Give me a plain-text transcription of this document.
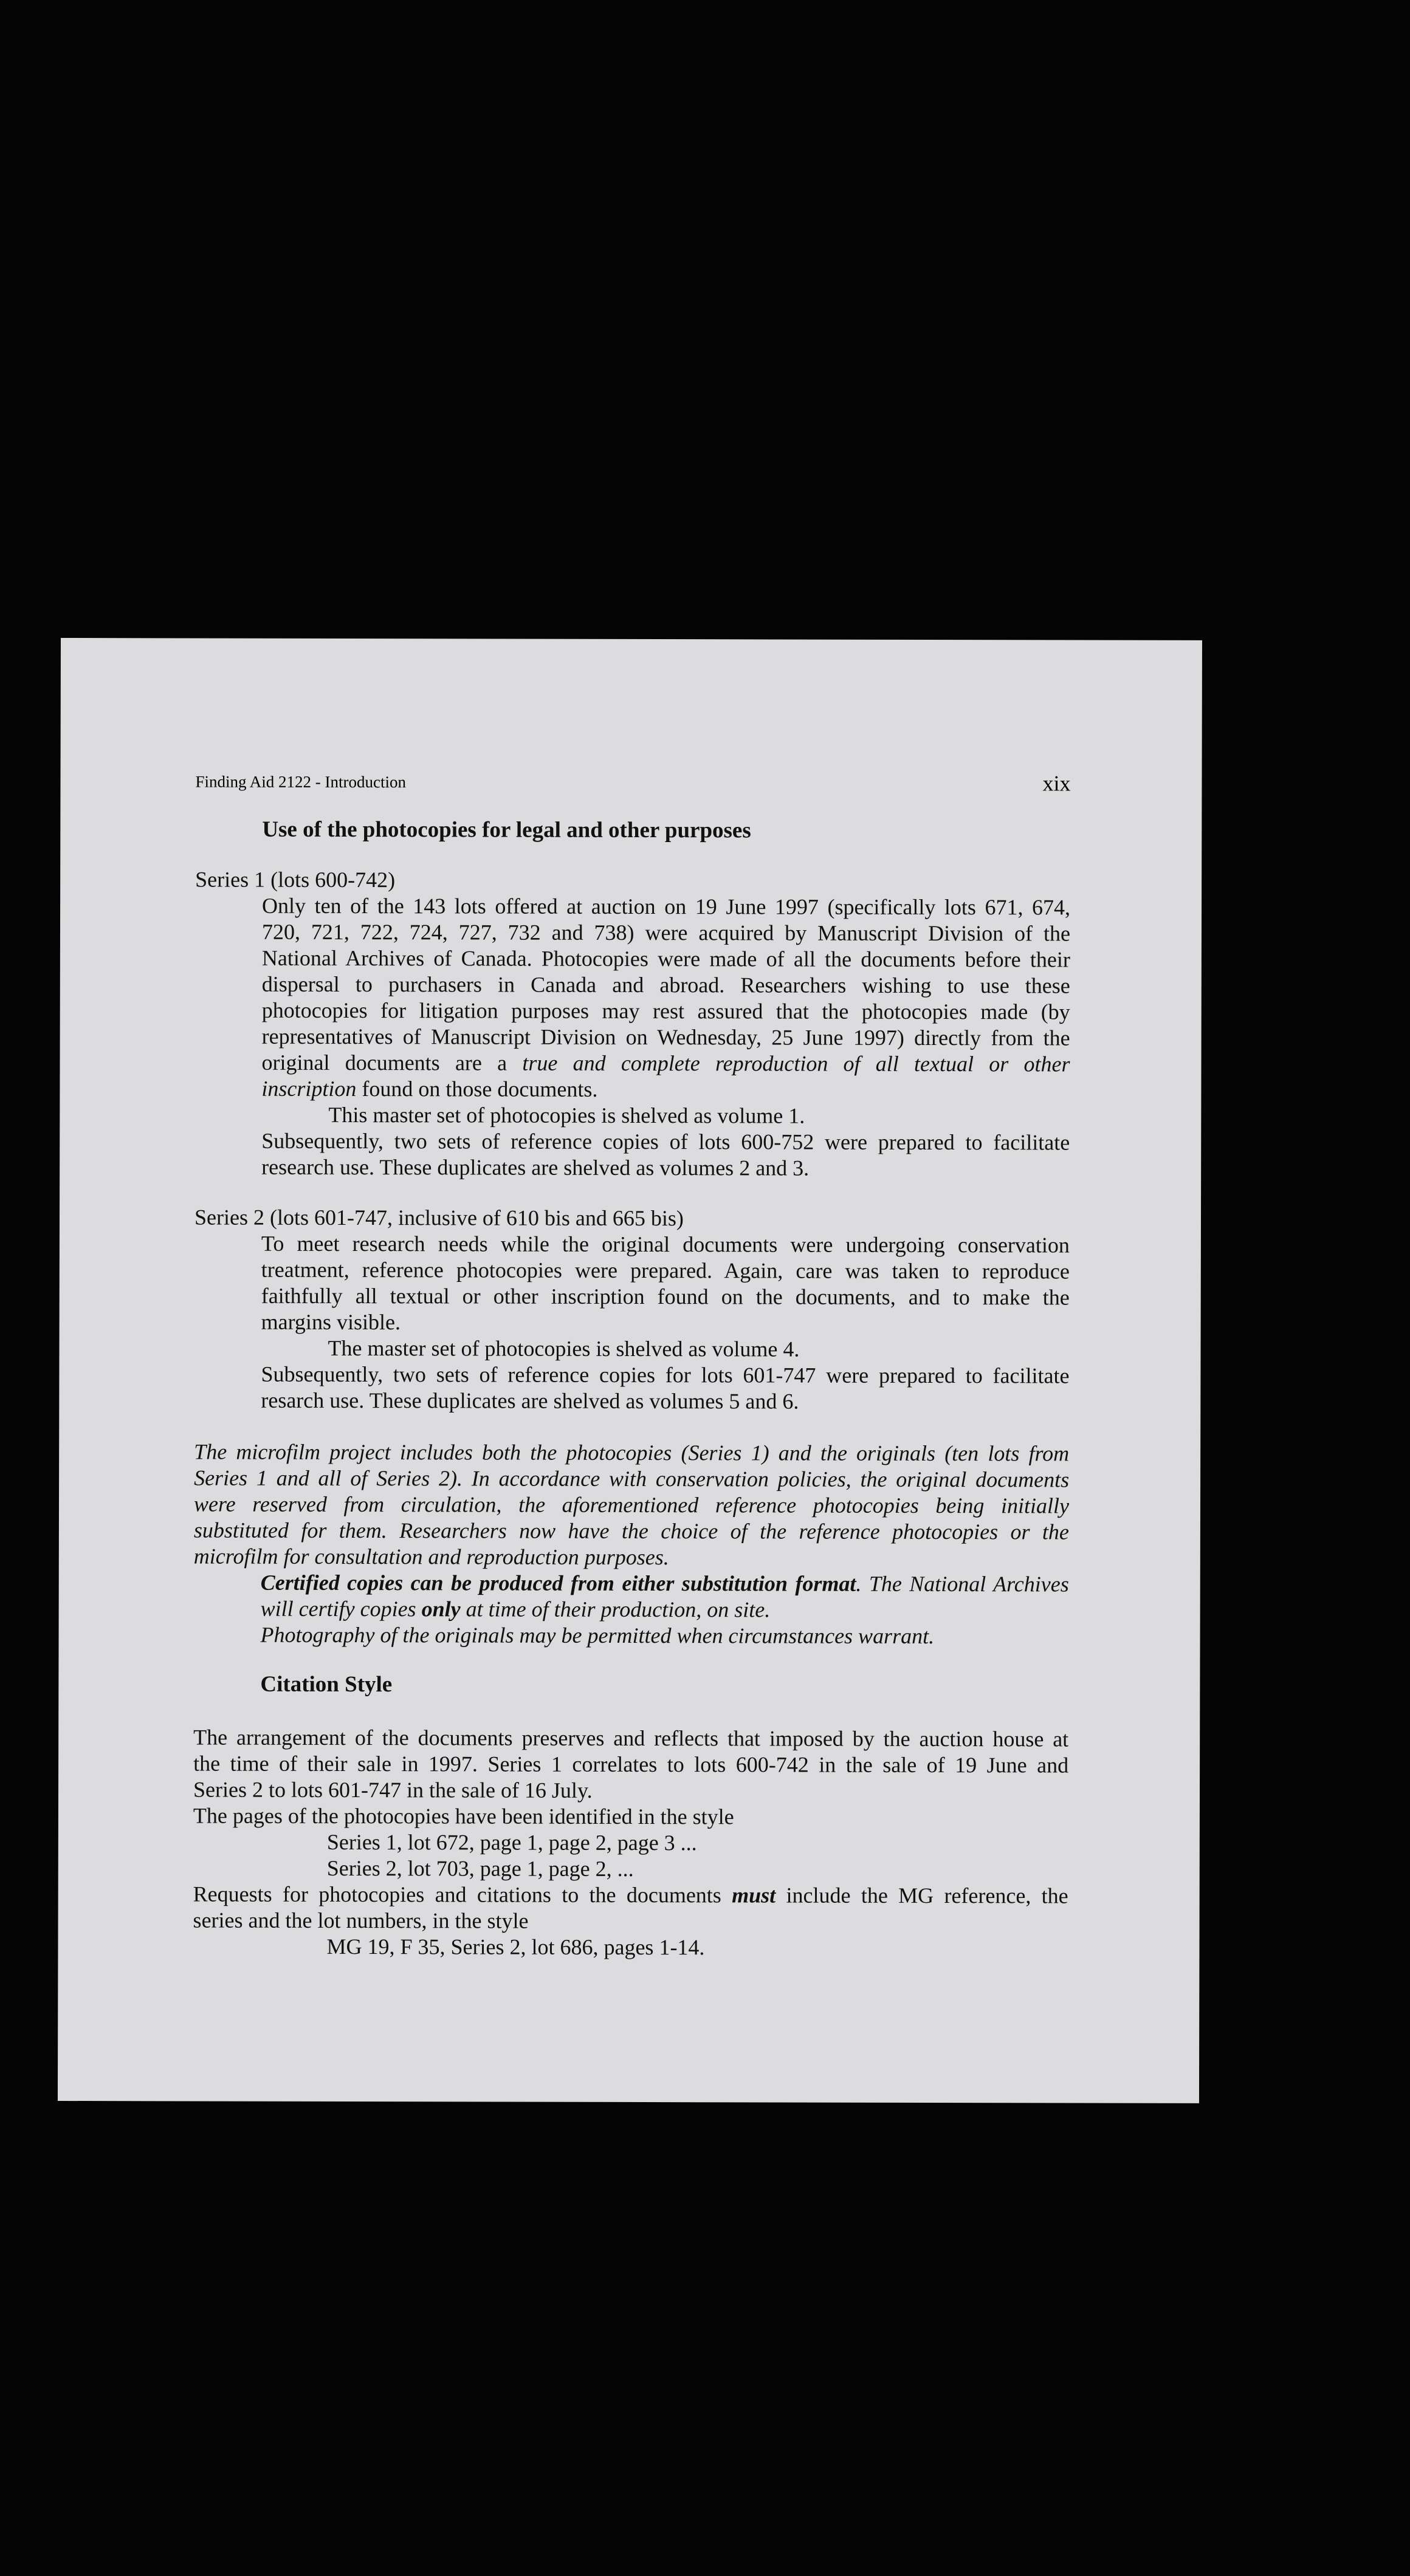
Finding Aid 2122 - Introduction	xix
Use of the photocopies for legal and other purposes
Series 1 (lots 600-742)
Only ten of the 143 lots offered at auction on 19 June 1997 (specifically lots 671, 674,
720, 721, 722, 724, 727, 732 and 738) were acquired by Manuscript Division of the
National Archives of Canada. Photocopies were made of all the documents before their
dispersal to purchasers in Canada and abroad. Researchers wishing to use these
photocopies for litigation purposes may rest assured that the photocopies made (by
representatives of Manuscript Division on Wednesday, 25 June 1997) directly from the
original documents are a true and complete reproduction of all textual or other
inscription found on those documents.
This master set of photocopies is shelved as volume 1.
Subsequently, two sets of reference copies of lots 600-752 were prepared to facilitate
research use. These duplicates are shelved as volumes 2 and 3.
Series 2 (lots 601-747, inclusive of 610 bis and 665 bis)
To meet research needs while the original documents were undergoing conservation
treatment, reference photocopies were prepared. Again, care was taken to reproduce
faithfully all textual or other inscription found on the documents, and to make the
margins visible.
The master set of photocopies is shelved as volume 4.
Subsequently, two sets of reference copies for lots 601-747 were prepared to facilitate
resarch use. These duplicates are shelved as volumes 5 and 6.
The microfilm project includes both the photocopies (Series 1) and the originals (ten lots from
Series 1 and all of Series 2). In accordance with conservation policies, the original documents
were reserved from circulation, the aforementioned reference photocopies being initially
substituted for them. Researchers now have the choice of the reference photocopies or the
microfilm for consultation and reproduction purposes.
Certified copies can be produced from either substitution format. The National Archives
will certify copies only at time of their production, on site.
Photography of the originals may be permitted when circumstances warrant.
Citation Style
The arrangement of the documents preserves and reflects that imposed by the auction house at
the time of their sale in 1997. Series 1 correlates to lots 600-742 in the sale of 19 June and
Series 2 to lots 601-747 in the sale of 16 July.
The pages of the photocopies have been identified in the style
Series 1, lot 672, page 1, page 2, page 3 ...
Series 2, lot 703, page 1, page 2, ...
Requests for photocopies and citations to the documents must include the MG reference, the
series and the lot numbers, in the style
MG 19, F 35, Series 2, lot 686, pages 1-14.
